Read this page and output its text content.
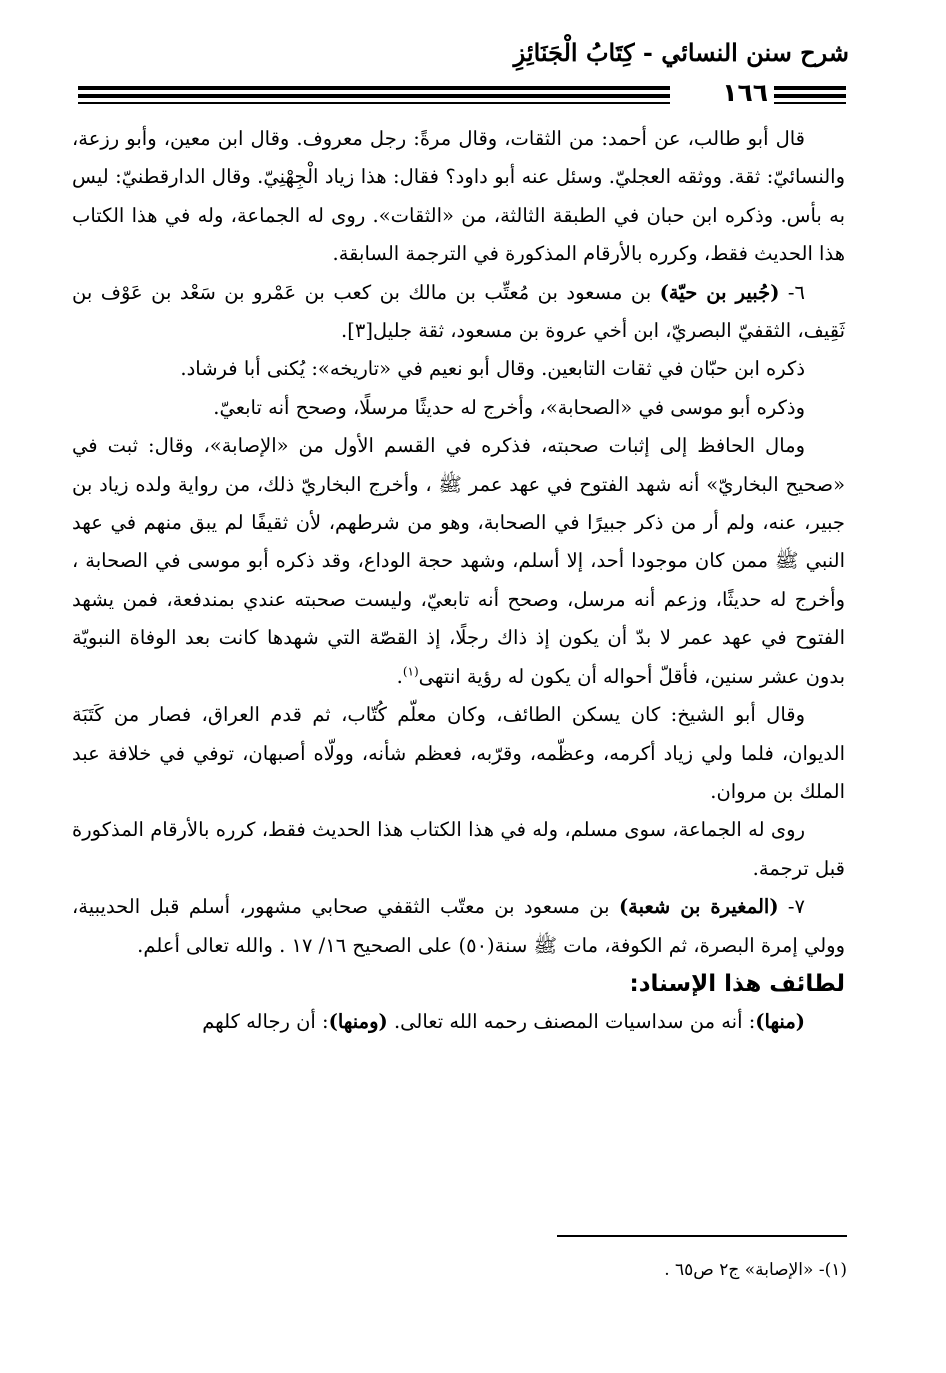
شرح سنن النسائي - كِتَابُ الْجَنَائِزِ
١٦٦

قال أبو طالب، عن أحمد: من الثقات، وقال مرةً: رجل معروف. وقال ابن معين، وأبو رزعة، والنسائيّ: ثقة. ووثقه العجليّ. وسئل عنه أبو داود؟ فقال: هذا زياد الْجِهْنِيّ. وقال الدارقطنيّ: ليس به بأس. وذكره ابن حبان في الطبقة الثالثة، من «الثقات». روى له الجماعة، وله في هذا الكتاب هذا الحديث فقط، وكرره بالأرقام المذكورة في الترجمة السابقة.

٦- (جُبير بن حيّة) بن مسعود بن مُعتِّب بن مالك بن كعب بن عَمْرو بن سَعْد بن عَوْف بن ثَقِيف، الثقفيّ البصريّ، ابن أخي عروة بن مسعود، ثقة جليل[٣].

ذكره ابن حبّان في ثقات التابعين. وقال أبو نعيم في «تاريخه»: يُكنى أبا فرشاد.

وذكره أبو موسى في «الصحابة»، وأخرج له حديثًا مرسلًا، وصحح أنه تابعيّ.

ومال الحافظ إلى إثبات صحبته، فذكره في القسم الأول من «الإصابة»، وقال: ثبت في «صحيح البخاريّ» أنه شهد الفتوح في عهد عمر ﷺ ، وأخرج البخاريّ ذلك، من رواية ولده زياد بن جبير، عنه، ولم أر من ذكر جبيرًا في الصحابة، وهو من شرطهم، لأن ثقيفًا لم يبق منهم في عهد النبي ﷺ ممن كان موجودا أحد، إلا أسلم، وشهد حجة الوداع، وقد ذكره أبو موسى في الصحابة ، وأخرج له حديثًا، وزعم أنه مرسل، وصحح أنه تابعيّ، وليست صحبته عندي بمندفعة، فمن يشهد الفتوح في عهد عمر لا بدّ أن يكون إذ ذاك رجلًا، إذ القصّة التي شهدها كانت بعد الوفاة النبويّة بدون عشر سنين، فأقلّ أحواله أن يكون له رؤية انتهى$^{(١)}$.

وقال أبو الشيخ: كان يسكن الطائف، وكان معلّم كُتّاب، ثم قدم العراق، فصار من كَتَبَة الديوان، فلما ولي زياد أكرمه، وعظّمه، وقرّبه، فعظم شأنه، وولّاه أصبهان، توفي في خلافة عبد الملك بن مروان.

روى له الجماعة، سوى مسلم، وله في هذا الكتاب هذا الحديث فقط، كرره بالأرقام المذكورة قبل ترجمة.

٧- (المغيرة بن شعبة) بن مسعود بن معتّب الثقفي صحابي مشهور، أسلم قبل الحديبية، وولي إمرة البصرة، ثم الكوفة، مات ﷺ سنة(٥٠) على الصحيح ١٦/ ١٧ . والله تعالى أعلم.

لطائف هذا الإسناد:

(منها): أنه من سداسيات المصنف رحمه الله تعالى. (ومنها): أن رجاله كلهم

(١)- «الإصابة» ج٢ ص٦٥ .
